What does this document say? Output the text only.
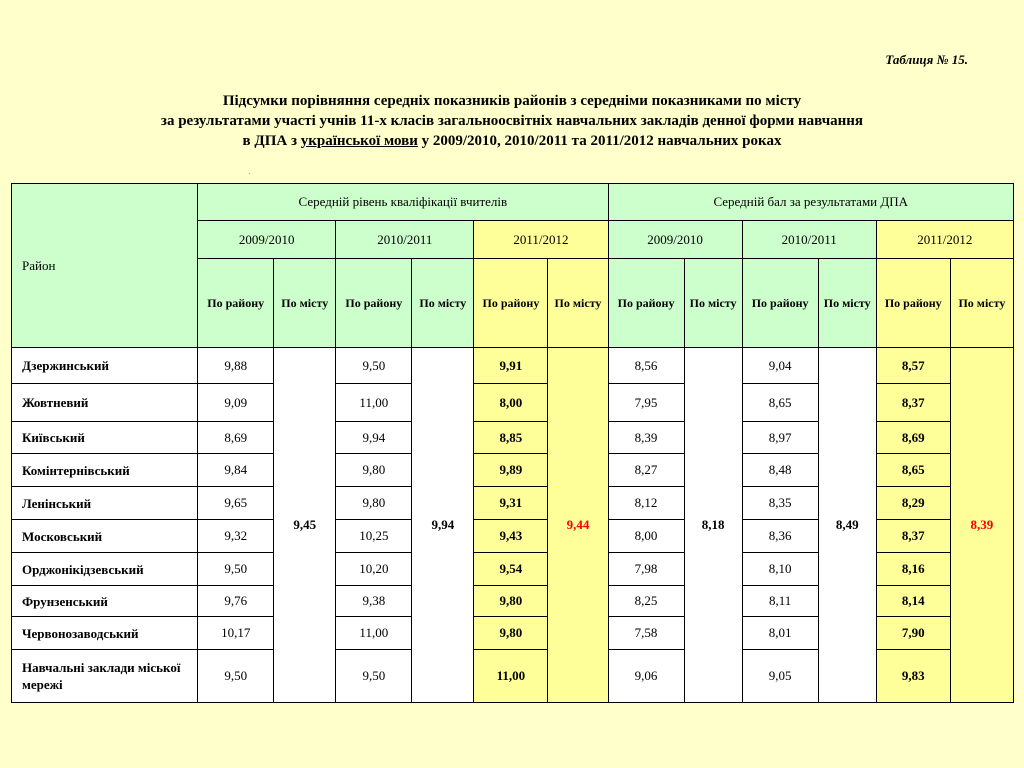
Таблиця № 15.
Підсумки порівняння середніх показників районів з середніми показниками по місту
за результатами участі учнів 11-х класів загальноосвітніх навчальних закладів денної форми навчання
в ДПА з української мови у 2009/2010, 2010/2011 та 2011/2012 навчальних роках
.
Район	Середній рівень кваліфікації вчителів						Середній бал за результатами ДПА					
	2009/2010		2010/2011		2011/2012		2009/2010		2010/2011		2011/2012	
	По району	По місту	По району	По місту	По району	По місту	По району	По місту	По району	По місту	По району	По місту
Дзержинський	9,88	9,45	9,50	9,94	9,91	9,44	8,56	8,18	9,04	8,49	8,57	8,39
Жовтневий	9,09		11,00		8,00		7,95		8,65		8,37	
Київський	8,69		9,94		8,85		8,39		8,97		8,69	
Комінтернівський	9,84		9,80		9,89		8,27		8,48		8,65	
Ленінський	9,65		9,80		9,31		8,12		8,35		8,29	
Московський	9,32		10,25		9,43		8,00		8,36		8,37	
Орджонікідзевський	9,50		10,20		9,54		7,98		8,10		8,16	
Фрунзенський	9,76		9,38		9,80		8,25		8,11		8,14	
Червонозаводський	10,17		11,00		9,80		7,58		8,01		7,90	
Навчальні заклади міської мережі	9,50		9,50		11,00		9,06		9,05		9,83	
